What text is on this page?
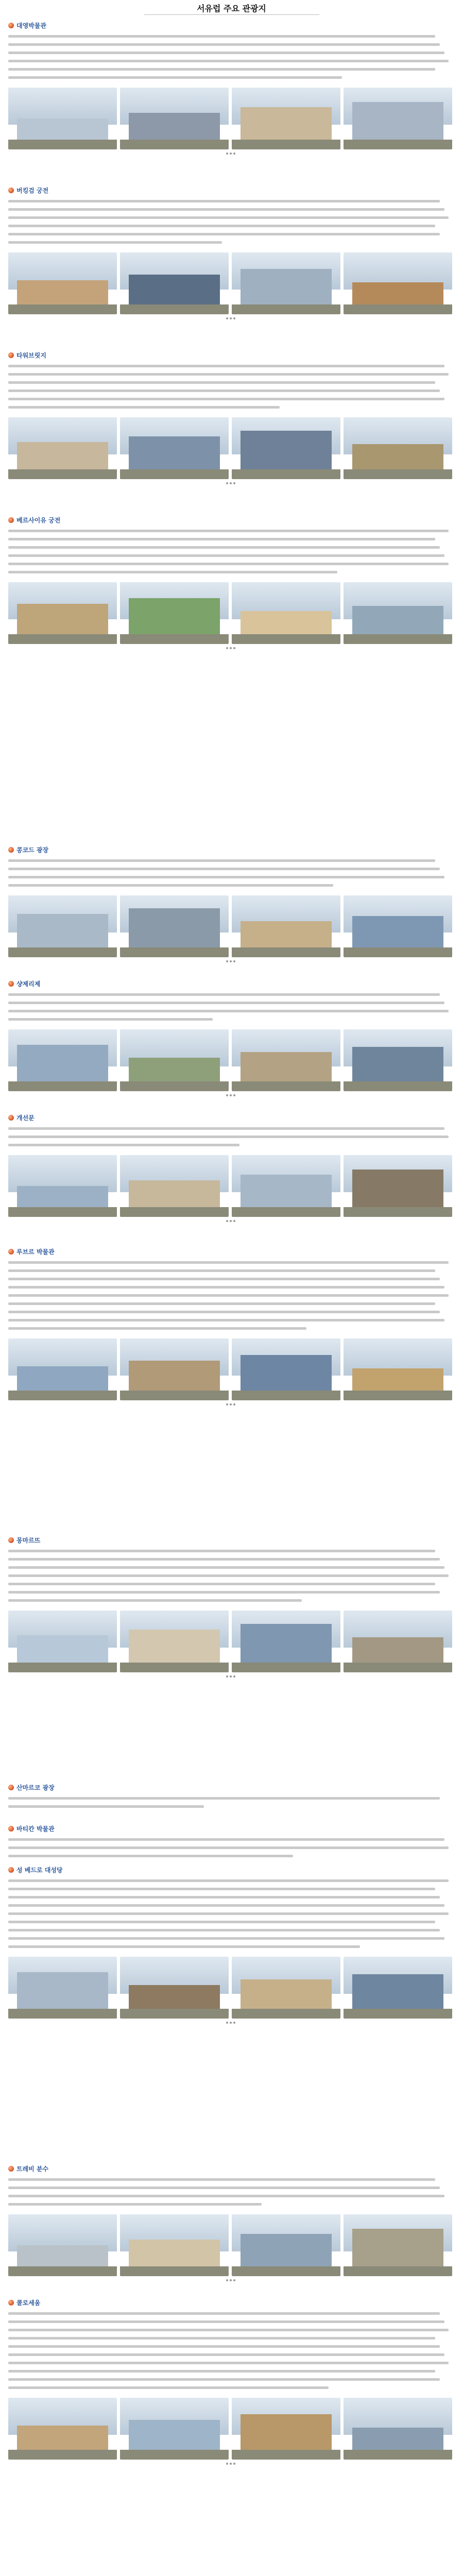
서유럽 주요 관광지
대영박물관
버킹검 궁전
타워브릿지
베르사이유 궁전
콩코드 광장
샹제리제
개선문
루브르 박물관
몽마르뜨
산마르코 광장
바티칸 박물관
성 베드로 대성당
트레비 분수
콜로세움
